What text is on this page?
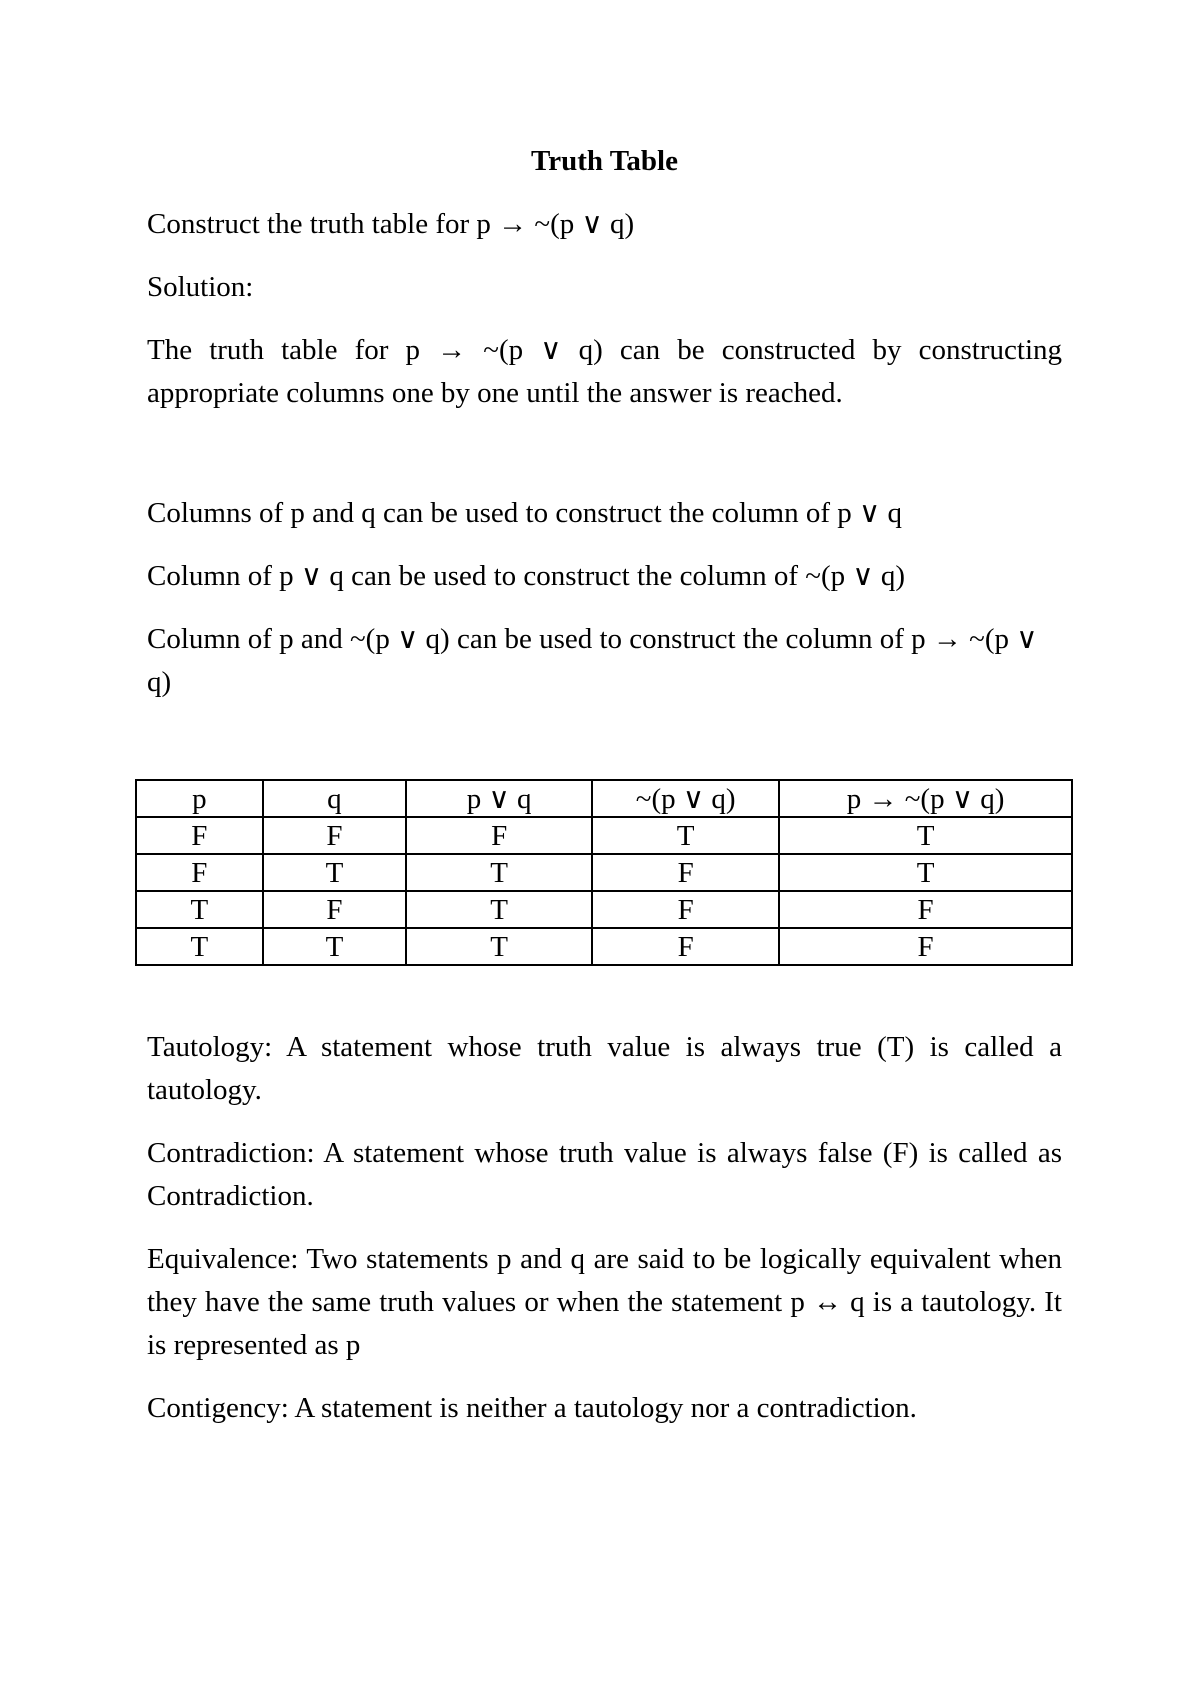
Truth Table

Construct the truth table for p → ~(p ∨ q)

Solution:

The truth table for p → ~(p ∨ q) can be constructed by constructing appropriate columns one by one until the answer is reached.

Columns of p and q can be used to construct the column of p ∨ q

Column of p ∨ q can be used to construct the column of ~(p ∨ q)

Column of p and ~(p ∨ q) can be used to construct the column of p → ~(p ∨ q)

p	q	p ∨ q	~(p ∨ q)	p → ~(p ∨ q)
F	F	F	T	T
F	T	T	F	T
T	F	T	F	F
T	T	T	F	F

Tautology: A statement whose truth value is always true (T) is called a tautology.

Contradiction: A statement whose truth value is always false (F) is called as Contradiction.

Equivalence: Two statements p and q are said to be logically equivalent when they have the same truth values or when the statement p ↔ q is a tautology. It is represented as p

Contigency: A statement is neither a tautology nor a contradiction.
